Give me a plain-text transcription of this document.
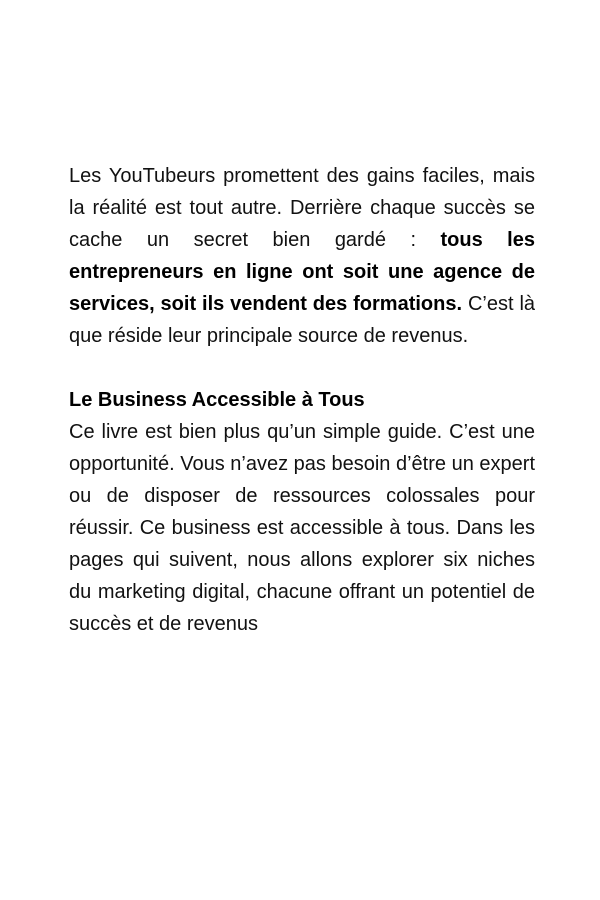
Les YouTubeurs promettent des gains faciles, mais la réalité est tout autre. Derrière chaque succès se cache un secret bien gardé : tous les entrepreneurs en ligne ont soit une agence de services, soit ils vendent des formations. C’est là que réside leur principale source de revenus.

Le Business Accessible à Tous

Ce livre est bien plus qu’un simple guide. C’est une opportunité. Vous n’avez pas besoin d’être un expert ou de disposer de ressources colossales pour réussir. Ce business est accessible à tous. Dans les pages qui suivent, nous allons explorer six niches du marketing digital, chacune offrant un potentiel de succès et de revenus
